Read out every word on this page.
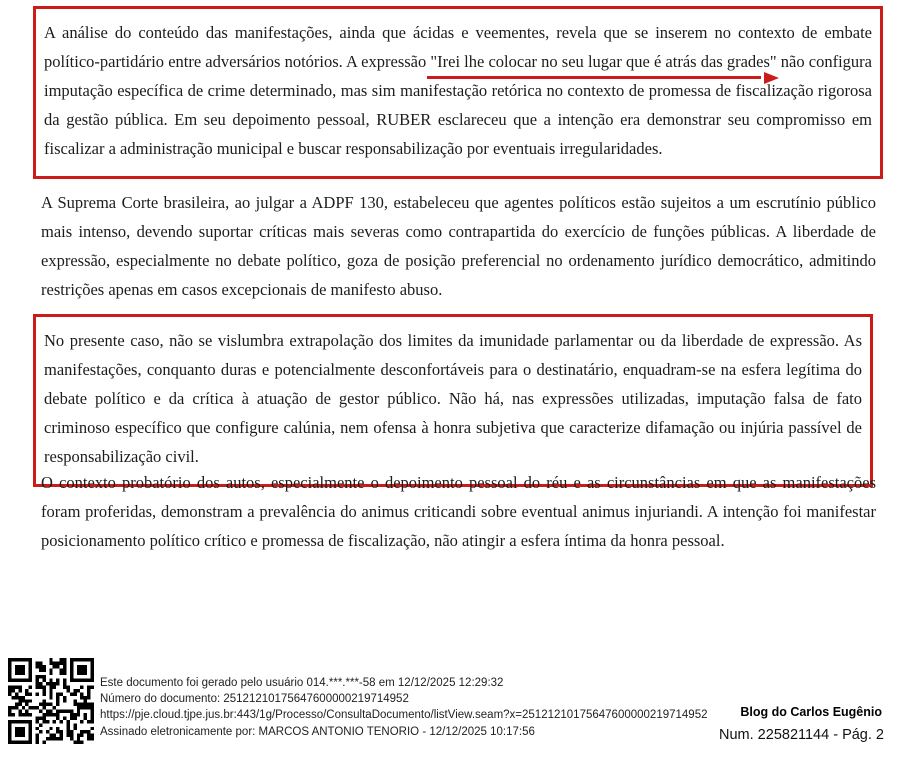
A análise do conteúdo das manifestações, ainda que ácidas e veementes, revela que se inserem no contexto de embate político-partidário entre adversários notórios. A expressão "Irei lhe colocar no seu lugar que é atrás das grades" não configura imputação específica de crime determinado, mas sim manifestação retórica no contexto de promessa de fiscalização rigorosa da gestão pública. Em seu depoimento pessoal, RUBER esclareceu que a intenção era demonstrar seu compromisso em fiscalizar a administração municipal e buscar responsabilização por eventuais irregularidades.

A Suprema Corte brasileira, ao julgar a ADPF 130, estabeleceu que agentes políticos estão sujeitos a um escrutínio público mais intenso, devendo suportar críticas mais severas como contrapartida do exercício de funções públicas. A liberdade de expressão, especialmente no debate político, goza de posição preferencial no ordenamento jurídico democrático, admitindo restrições apenas em casos excepcionais de manifesto abuso.

No presente caso, não se vislumbra extrapolação dos limites da imunidade parlamentar ou da liberdade de expressão. As manifestações, conquanto duras e potencialmente desconfortáveis para o destinatário, enquadram-se na esfera legítima do debate político e da crítica à atuação de gestor público. Não há, nas expressões utilizadas, imputação falsa de fato criminoso específico que configure calúnia, nem ofensa à honra subjetiva que caracterize difamação ou injúria passível de responsabilização civil.

O contexto probatório dos autos, especialmente o depoimento pessoal do réu e as circunstâncias em que as manifestações foram proferidas, demonstram a prevalência do animus criticandi sobre eventual animus injuriandi. A intenção foi manifestar posicionamento político crítico e promessa de fiscalização, não atingir a esfera íntima da honra pessoal.

Este documento foi gerado pelo usuário 014.***.***-58 em 12/12/2025 12:29:32
Número do documento: 25121210175647600000219714952
https://pje.cloud.tjpe.jus.br:443/1g/Processo/ConsultaDocumento/listView.seam?x=25121210175647600000219714952
Assinado eletronicamente por: MARCOS ANTONIO TENORIO - 12/12/2025 10:17:56
Blog do Carlos Eugênio
Num. 225821144 - Pág. 2
